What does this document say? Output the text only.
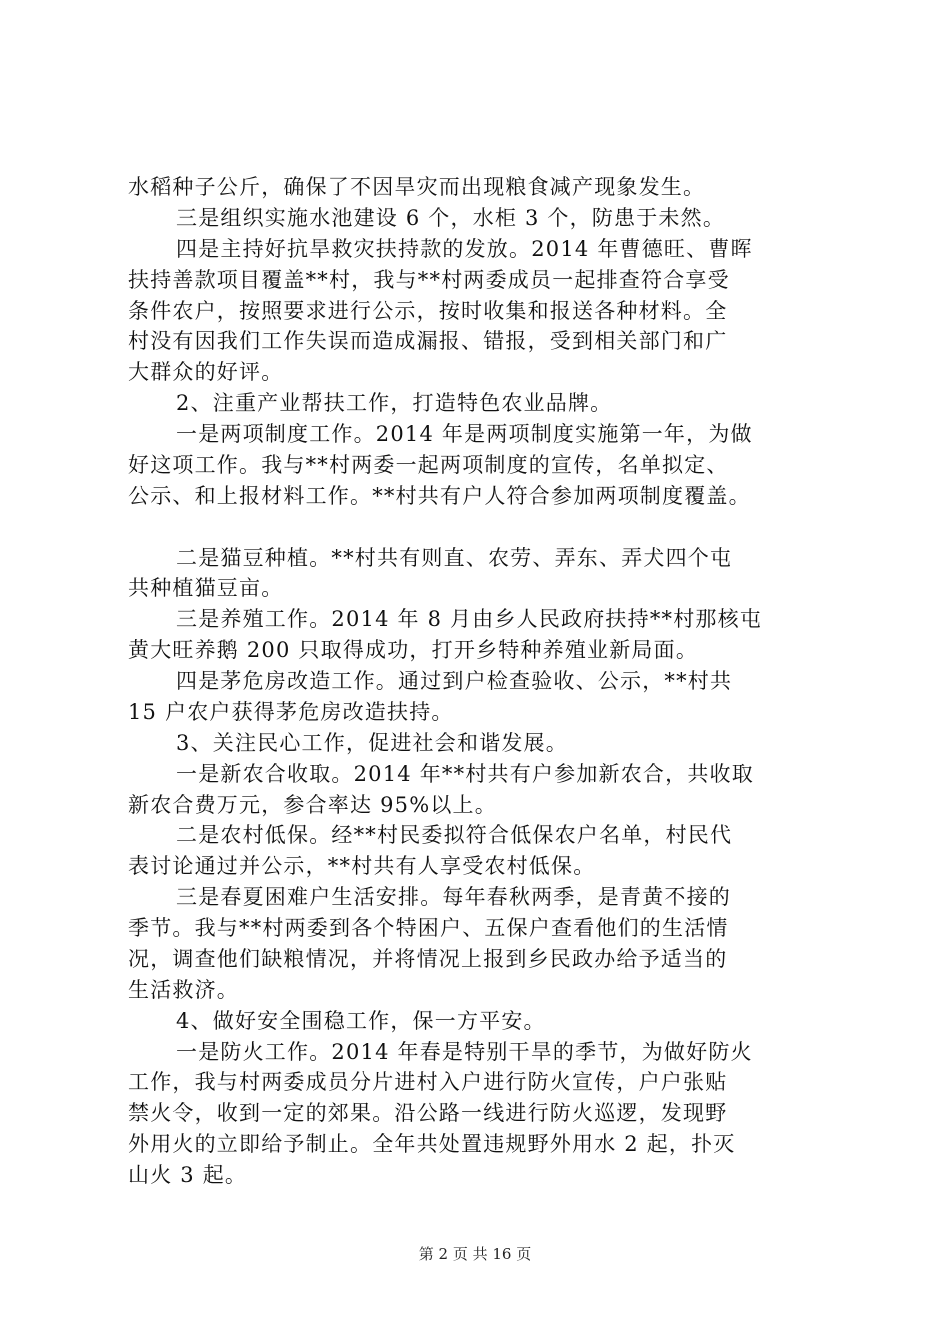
水稻种子公斤，确保了不因旱灾而出现粮食减产现象发生。
三是组织实施水池建设 6 个，水柜 3 个，防患于未然。
四是主持好抗旱救灾扶持款的发放。2014 年曹德旺、曹晖
扶持善款项目覆盖**村，我与**村两委成员一起排查符合享受
条件农户，按照要求进行公示，按时收集和报送各种材料。全
村没有因我们工作失误而造成漏报、错报，受到相关部门和广
大群众的好评。
2、注重产业帮扶工作，打造特色农业品牌。
一是两项制度工作。2014 年是两项制度实施第一年，为做
好这项工作。我与**村两委一起两项制度的宣传，名单拟定、
公示、和上报材料工作。**村共有户人符合参加两项制度覆盖。
二是猫豆种植。**村共有则直、农劳、弄东、弄犬四个屯
共种植猫豆亩。
三是养殖工作。2014 年 8 月由乡人民政府扶持**村那核屯
黄大旺养鹅 200 只取得成功，打开乡特种养殖业新局面。
四是茅危房改造工作。通过到户检查验收、公示，**村共
15 户农户获得茅危房改造扶持。
3、关注民心工作，促进社会和谐发展。
一是新农合收取。2014 年**村共有户参加新农合，共收取
新农合费万元，参合率达 95%以上。
二是农村低保。经**村民委拟符合低保农户名单，村民代
表讨论通过并公示，**村共有人享受农村低保。
三是春夏困难户生活安排。每年春秋两季，是青黄不接的
季节。我与**村两委到各个特困户、五保户查看他们的生活情
况，调查他们缺粮情况，并将情况上报到乡民政办给予适当的
生活救济。
4、做好安全围稳工作，保一方平安。
一是防火工作。2014 年春是特别干旱的季节，为做好防火
工作，我与村两委成员分片进村入户进行防火宣传，户户张贴
禁火令，收到一定的郊果。沿公路一线进行防火巡逻，发现野
外用火的立即给予制止。全年共处置违规野外用水 2 起，扑灭
山火 3 起。
第 2 页 共 16 页
